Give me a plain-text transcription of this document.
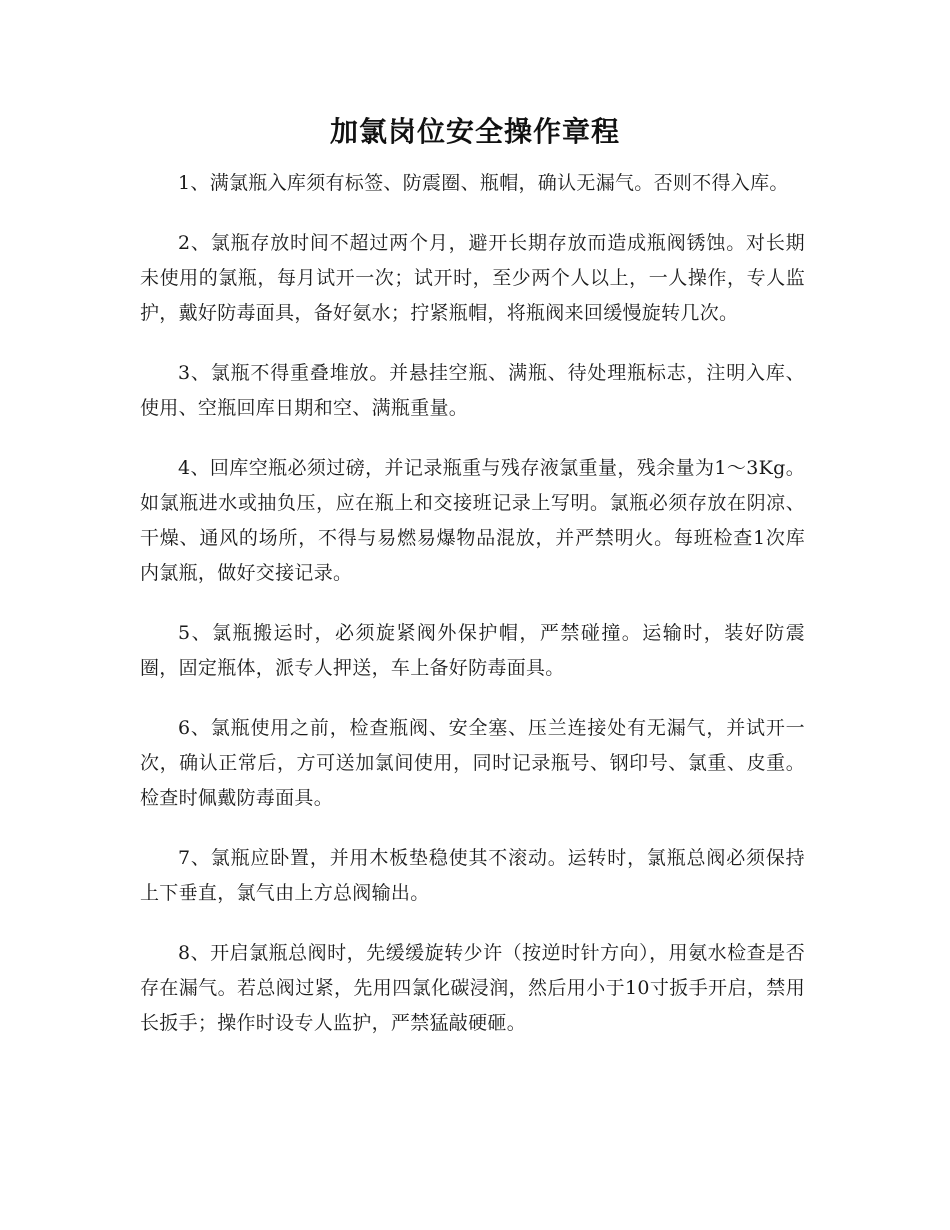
加氯岗位安全操作章程

1、满氯瓶入库须有标签、防震圈、瓶帽，确认无漏气。否则不得入库。

2、氯瓶存放时间不超过两个月，避开长期存放而造成瓶阀锈蚀。对长期未使用的氯瓶，每月试开一次；试开时，至少两个人以上，一人操作，专人监护，戴好防毒面具，备好氨水；拧紧瓶帽，将瓶阀来回缓慢旋转几次。

3、氯瓶不得重叠堆放。并悬挂空瓶、满瓶、待处理瓶标志，注明入库、使用、空瓶回库日期和空、满瓶重量。

4、回库空瓶必须过磅，并记录瓶重与残存液氯重量，残余量为1～3Kg。如氯瓶进水或抽负压，应在瓶上和交接班记录上写明。氯瓶必须存放在阴凉、干燥、通风的场所，不得与易燃易爆物品混放，并严禁明火。每班检查1次库内氯瓶，做好交接记录。

5、氯瓶搬运时，必须旋紧阀外保护帽，严禁碰撞。运输时，装好防震圈，固定瓶体，派专人押送，车上备好防毒面具。

6、氯瓶使用之前，检查瓶阀、安全塞、压兰连接处有无漏气，并试开一次，确认正常后，方可送加氯间使用，同时记录瓶号、钢印号、氯重、皮重。检查时佩戴防毒面具。

7、氯瓶应卧置，并用木板垫稳使其不滚动。运转时，氯瓶总阀必须保持上下垂直，氯气由上方总阀输出。

8、开启氯瓶总阀时，先缓缓旋转少许（按逆时针方向），用氨水检查是否存在漏气。若总阀过紧，先用四氯化碳浸润，然后用小于10寸扳手开启，禁用长扳手；操作时设专人监护，严禁猛敲硬砸。
